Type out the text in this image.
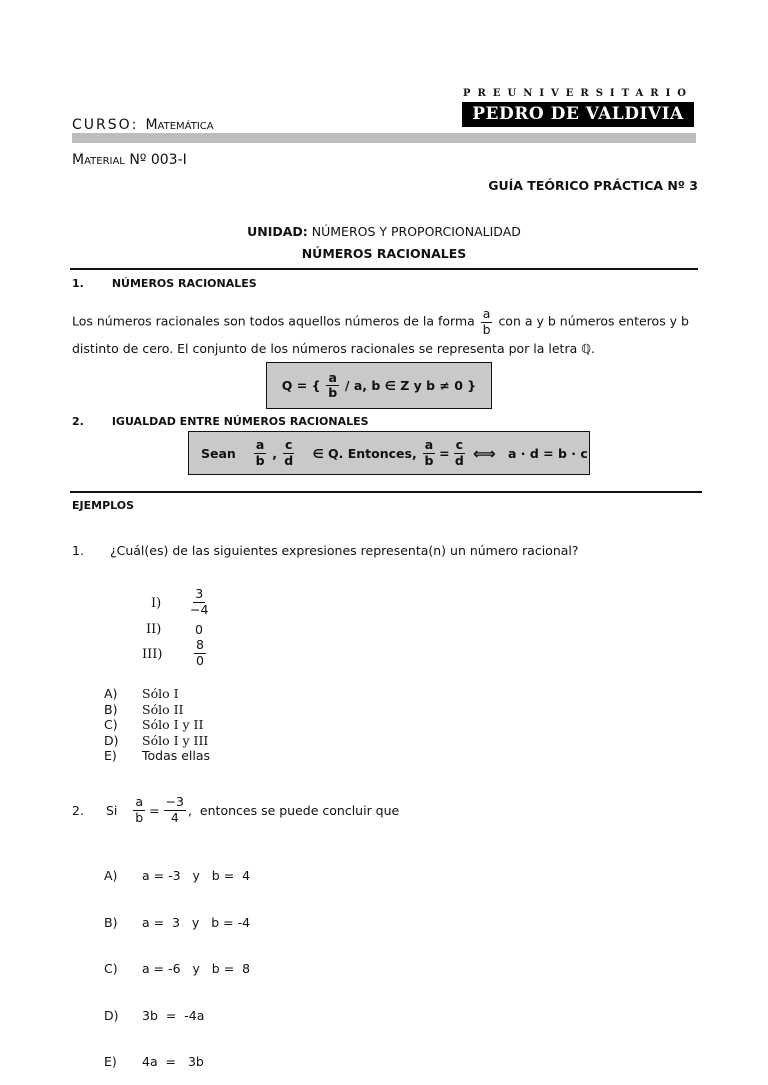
CURSO: Matemática
PREUNIVERSITARIO
PEDRO DE VALDIVIA
Material Nº 003-I
GUÍA TEÓRICO PRÁCTICA Nº 3
UNIDAD: NÚMEROS Y PROPORCIONALIDAD
NÚMEROS RACIONALES
1.	NÚMEROS RACIONALES
Los números racionales son todos aquellos números de la forma $\frac{a}{b}$ con a y b números enteros y b
distinto de cero. El conjunto de los números racionales se representa por la letra ℚ.
Q = { $\frac{a}{b}$ / a, b ∈ Z y b ≠ 0 }
2.	IGUALDAD ENTRE NÚMEROS RACIONALES
Sean $\frac{a}{b}$ , $\frac{c}{d}$ ∈ Q. Entonces, $\frac{a}{b} = \frac{c}{d}$ ⟺ a · d = b · c
EJEMPLOS
1. ¿Cuál(es) de las siguientes expresiones representa(n) un número racional?
$I) \frac{3}{-4}$
II)	0
III)	$\frac{8}{0}$
A) Sólo I
B) Sólo II
C) Sólo I y II
D) Sólo I y III
E) Todas ellas
2.	Si $\frac{a}{b} = \frac{-3}{4}$ ,  entonces se puede concluir que

A) a = -3   y   b =  4

B) a =  3   y   b = -4

C) a = -6   y   b =  8

D) 3b  =  -4a

E) 4a  =   3b
